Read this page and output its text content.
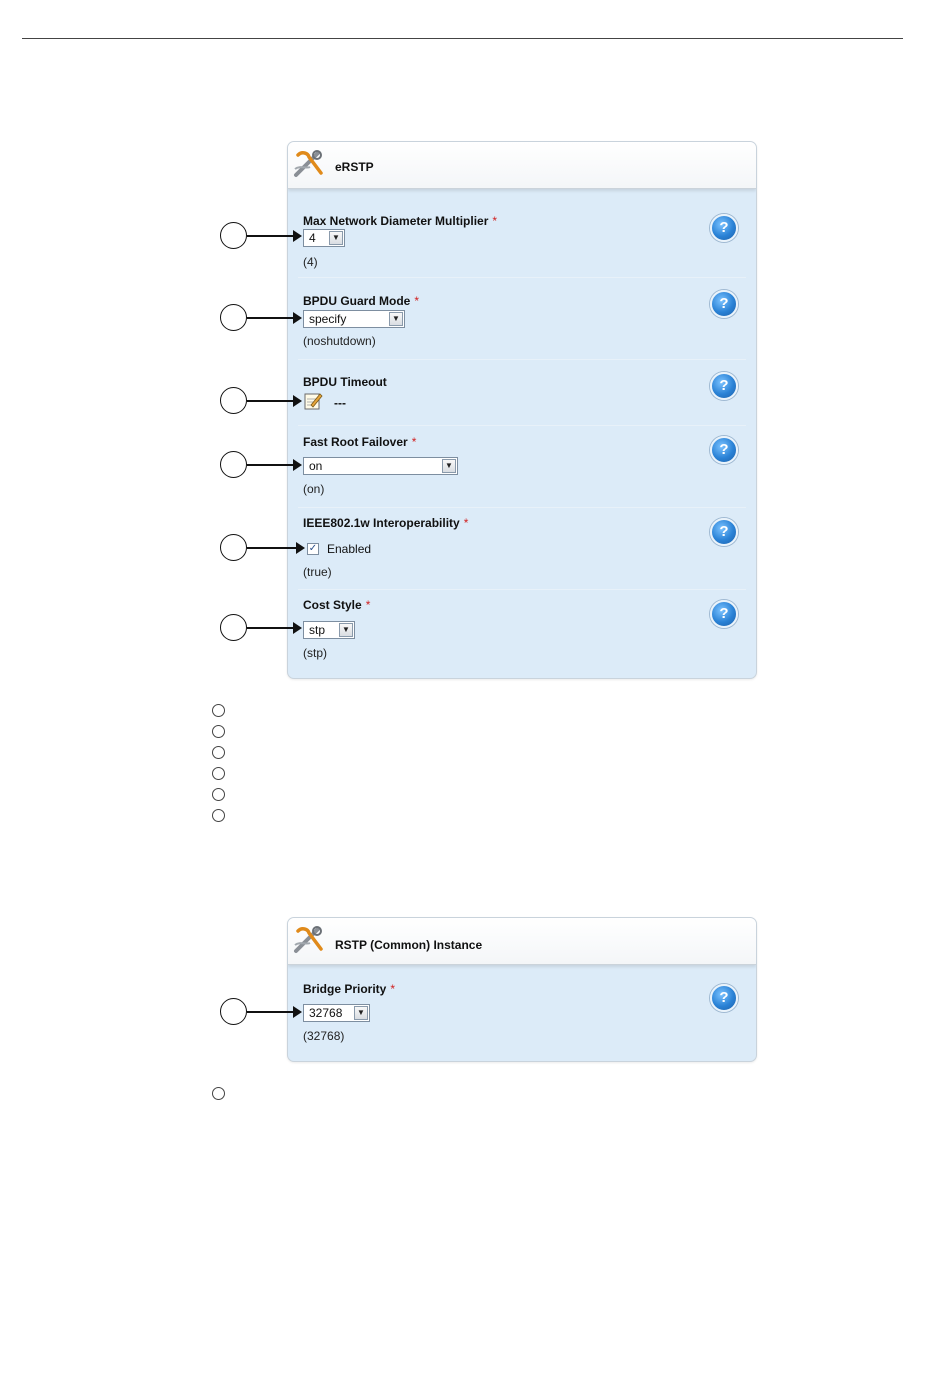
eRSTP
Max Network Diameter Multiplier *	?
4	▼
(4)
BPDU Guard Mode *	?
specify	▼
(noshutdown)
BPDU Timeout	?
---
Fast Root Failover *	?
on	▼
(on)
IEEE802.1w Interoperability *	?
✓ Enabled
(true)
Cost Style *	?
stp	▼
(stp)
RSTP (Common) Instance
Bridge Priority *	?
32768	▼
(32768)
